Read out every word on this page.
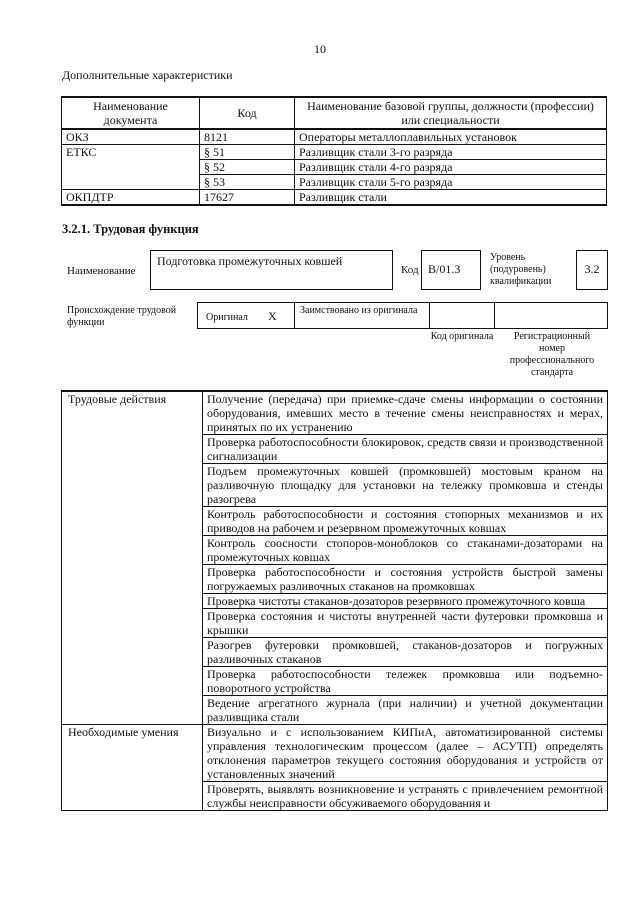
10
Дополнительные характеристики
Наименование документа	Код	Наименование базовой группы, должности (профессии) или специальности
ОКЗ	8121	Операторы металлоплавильных установок
ЕТКС	§ 51	Разливщик стали 3-го разряда
	§ 52	Разливщик стали 4-го разряда
	§ 53	Разливщик стали 5-го разряда
ОКПДТР	17627	Разливщик стали
3.2.1. Трудовая функция
Наименование
Подготовка промежуточных ковшей
Код В/01.3
Уровень (подуровень) квалификации
3.2
Происхождение трудовой функции	Оригинал X Заимствовано из оригинала
Код оригинала	Регистрационный номер профессионального стандарта
Трудовые действия	Получение (передача) при приемке-сдаче смены информации о состоянии оборудования, имевших место в течение смены неисправностях и мерах, принятых по их устранению
	Проверка работоспособности блокировок, средств связи и производственной сигнализации
	Подъем промежуточных ковшей (промковшей) мостовым краном на разливочную площадку для установки на тележку промковша и стенды разогрева
	Контроль работоспособности и состояния стопорных механизмов и их приводов на рабочем и резервном промежуточных ковшах
	Контроль соосности стопоров-моноблоков со стаканами-дозаторами на промежуточных ковшах
	Проверка работоспособности и состояния устройств быстрой замены погружаемых разливочных стаканов на промковшах
	Проверка чистоты стаканов-дозаторов резервного промежуточного ковша
	Проверка состояния и чистоты внутренней части футеровки промковша и крышки
	Разогрев футеровки промковшей, стаканов-дозаторов и погружных разливочных стаканов
	Проверка работоспособности тележек промковша или подъемно-поворотного устройства
	Ведение агрегатного журнала (при наличии) и учетной документации разливщика стали
Необходимые умения	Визуально и с использованием КИПиА, автоматизированной системы управления технологическим процессом (далее – АСУТП) определять отклонения параметров текущего состояния оборудования и устройств от установленных значений
	Проверять, выявлять возникновение и устранять с привлечением ремонтной службы неисправности обсуживаемого оборудования и
